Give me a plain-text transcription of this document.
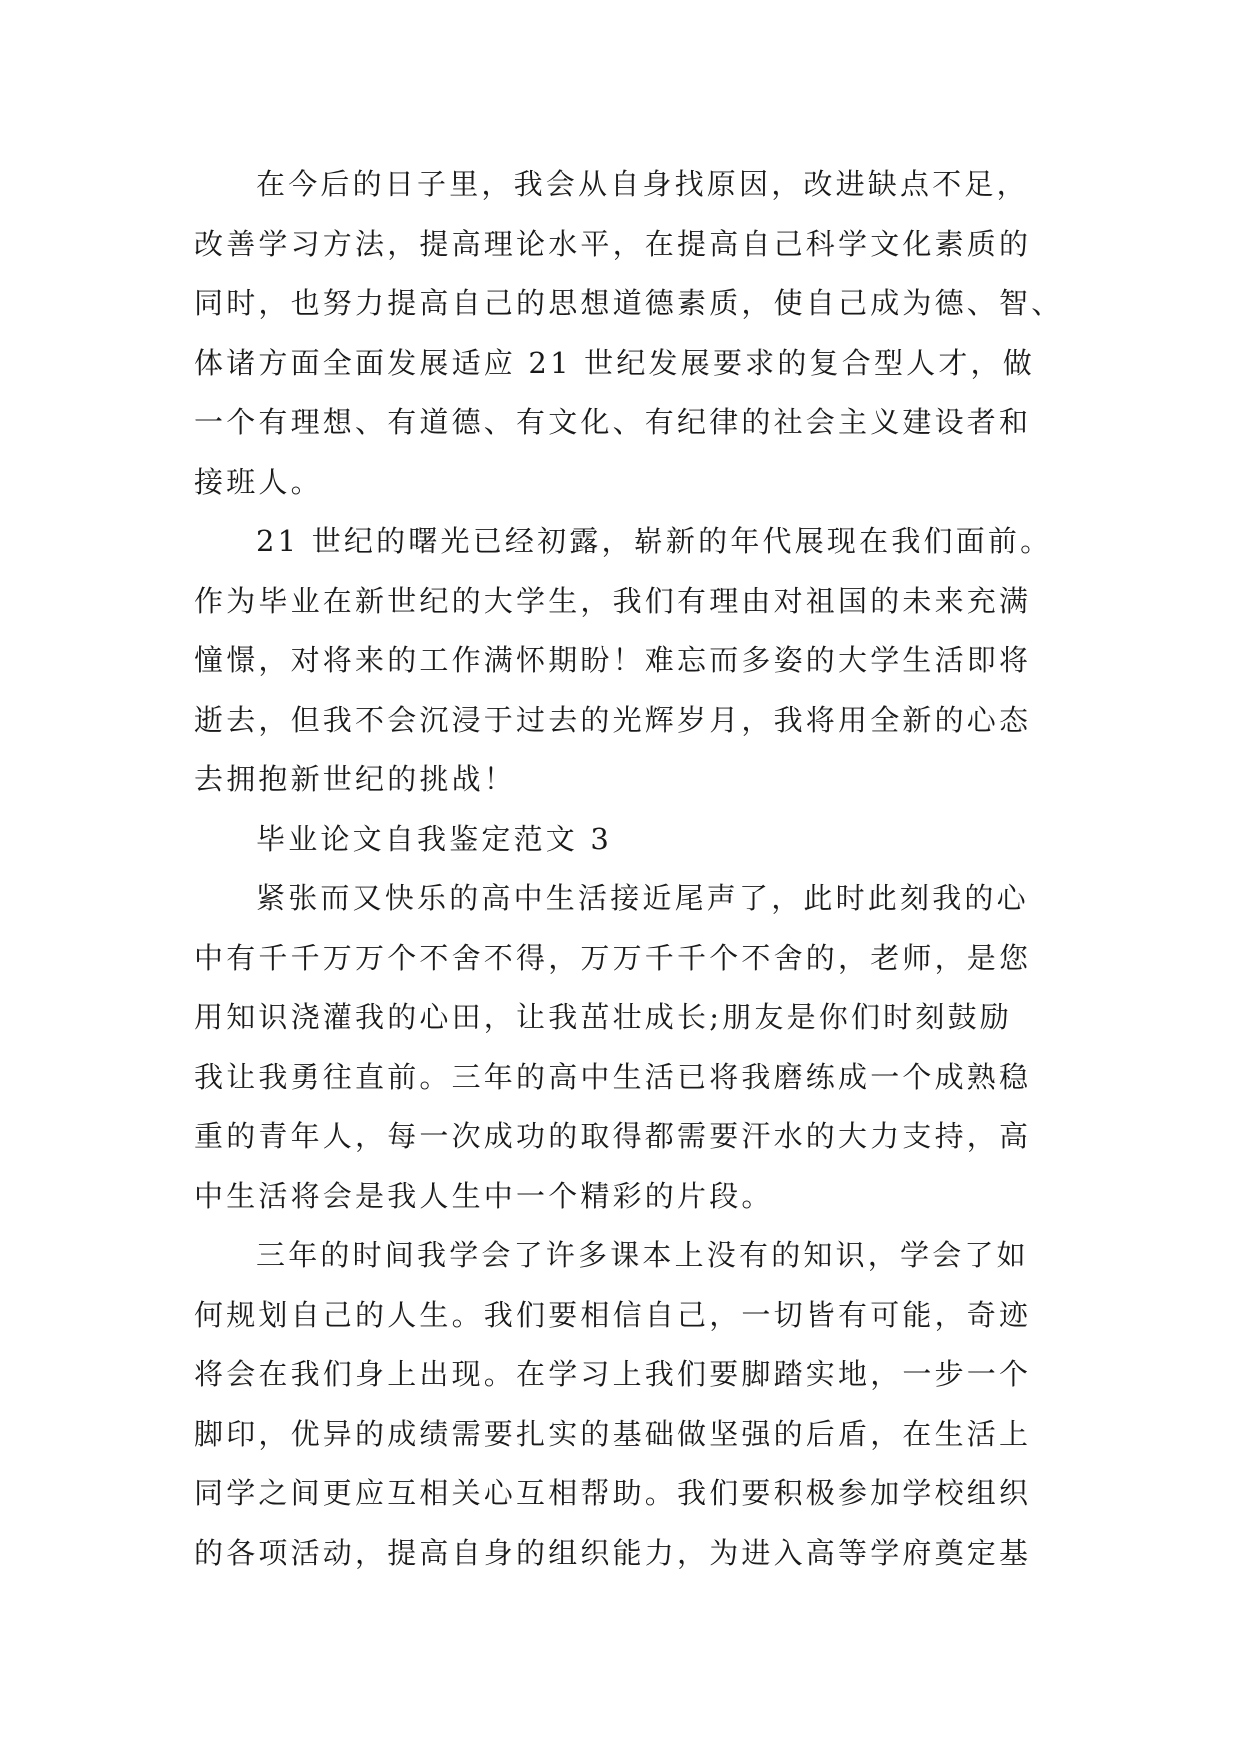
在今后的日子里，我会从自身找原因，改进缺点不足，
改善学习方法，提高理论水平，在提高自己科学文化素质的
同时，也努力提高自己的思想道德素质，使自己成为德、智、
体诸方面全面发展适应 21 世纪发展要求的复合型人才，做
一个有理想、有道德、有文化、有纪律的社会主义建设者和
接班人。
21 世纪的曙光已经初露，崭新的年代展现在我们面前。
作为毕业在新世纪的大学生，我们有理由对祖国的未来充满
憧憬，对将来的工作满怀期盼！难忘而多姿的大学生活即将
逝去，但我不会沉浸于过去的光辉岁月，我将用全新的心态
去拥抱新世纪的挑战！
毕业论文自我鉴定范文 3
紧张而又快乐的高中生活接近尾声了，此时此刻我的心
中有千千万万个不舍不得，万万千千个不舍的，老师，是您
用知识浇灌我的心田，让我茁壮成长;朋友是你们时刻鼓励
我让我勇往直前。三年的高中生活已将我磨练成一个成熟稳
重的青年人，每一次成功的取得都需要汗水的大力支持，高
中生活将会是我人生中一个精彩的片段。
三年的时间我学会了许多课本上没有的知识，学会了如
何规划自己的人生。我们要相信自己，一切皆有可能，奇迹
将会在我们身上出现。在学习上我们要脚踏实地，一步一个
脚印，优异的成绩需要扎实的基础做坚强的后盾，在生活上
同学之间更应互相关心互相帮助。我们要积极参加学校组织
的各项活动，提高自身的组织能力，为进入高等学府奠定基
